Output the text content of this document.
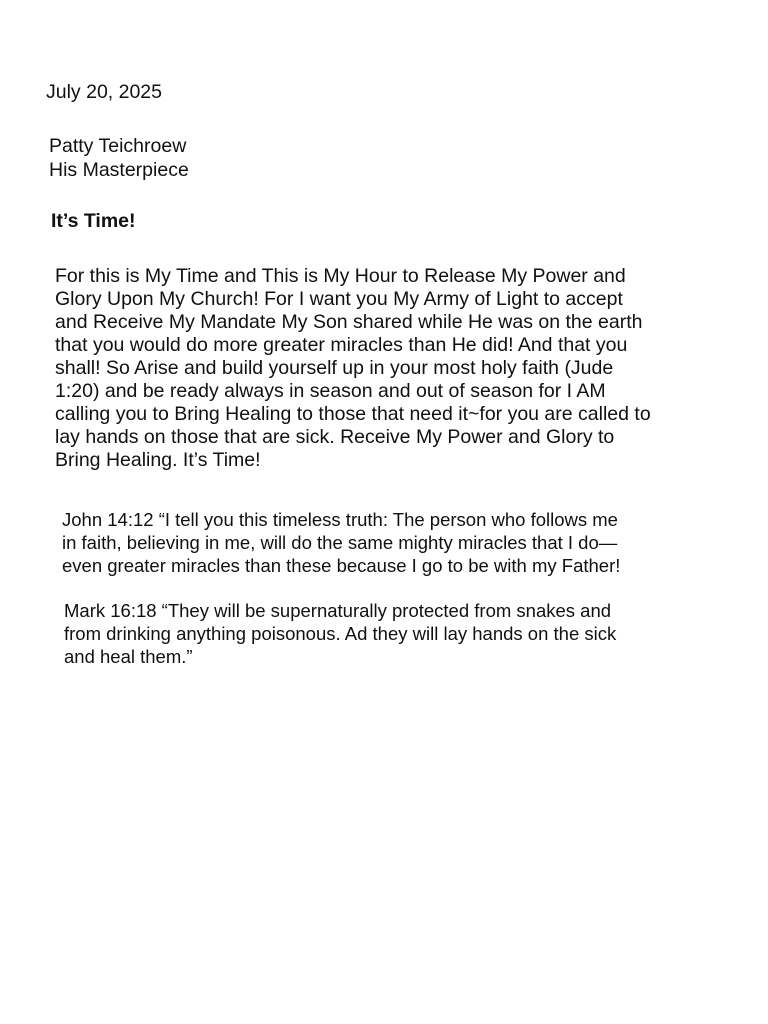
July 20, 2025
Patty Teichroew
His Masterpiece
It’s Time!
For this is My Time and This is My Hour to Release My Power and
Glory Upon My Church! For I want you My Army of Light to accept
and Receive My Mandate My Son shared while He was on the earth
that you would do more greater miracles than He did! And that you
shall! So Arise and build yourself up in your most holy faith (Jude
1:20) and be ready always in season and out of season for I AM
calling you to Bring Healing to those that need it~for you are called to
lay hands on those that are sick. Receive My Power and Glory to
Bring Healing. It’s Time!
John 14:12 “I tell you this timeless truth: The person who follows me
in faith, believing in me, will do the same mighty miracles that I do—
even greater miracles than these because I go to be with my Father!
Mark 16:18 “They will be supernaturally protected from snakes and
from drinking anything poisonous. Ad they will lay hands on the sick
and heal them.”
